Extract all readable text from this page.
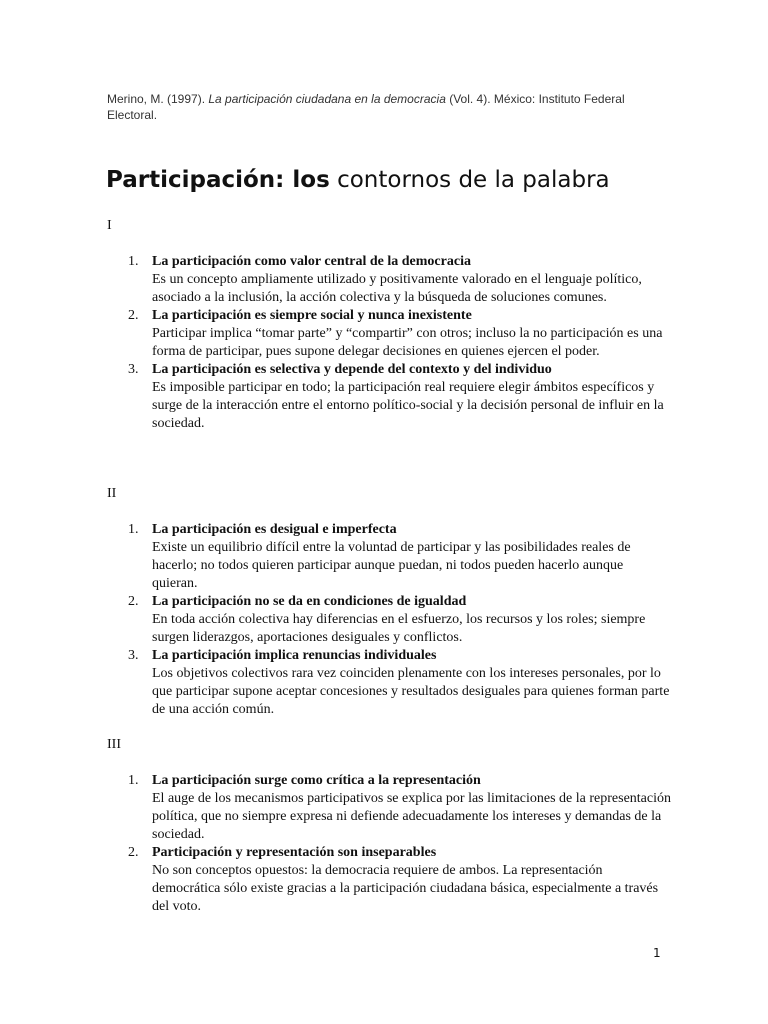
Merino, M. (1997). La participación ciudadana en la democracia (Vol. 4). México: Instituto Federal Electoral.
Participación: los contornos de la palabra
I
1. La participación como valor central de la democracia
Es un concepto ampliamente utilizado y positivamente valorado en el lenguaje político, asociado a la inclusión, la acción colectiva y la búsqueda de soluciones comunes.
2. La participación es siempre social y nunca inexistente
Participar implica “tomar parte” y “compartir” con otros; incluso la no participación es una forma de participar, pues supone delegar decisiones en quienes ejercen el poder.
3. La participación es selectiva y depende del contexto y del individuo
Es imposible participar en todo; la participación real requiere elegir ámbitos específicos y surge de la interacción entre el entorno político-social y la decisión personal de influir en la sociedad.
II
1. La participación es desigual e imperfecta
Existe un equilibrio difícil entre la voluntad de participar y las posibilidades reales de hacerlo; no todos quieren participar aunque puedan, ni todos pueden hacerlo aunque quieran.
2. La participación no se da en condiciones de igualdad
En toda acción colectiva hay diferencias en el esfuerzo, los recursos y los roles; siempre surgen liderazgos, aportaciones desiguales y conflictos.
3. La participación implica renuncias individuales
Los objetivos colectivos rara vez coinciden plenamente con los intereses personales, por lo que participar supone aceptar concesiones y resultados desiguales para quienes forman parte de una acción común.
III
1. La participación surge como crítica a la representación
El auge de los mecanismos participativos se explica por las limitaciones de la representación política, que no siempre expresa ni defiende adecuadamente los intereses y demandas de la sociedad.
2. Participación y representación son inseparables
No son conceptos opuestos: la democracia requiere de ambos. La representación democrática sólo existe gracias a la participación ciudadana básica, especialmente a través del voto.
1
